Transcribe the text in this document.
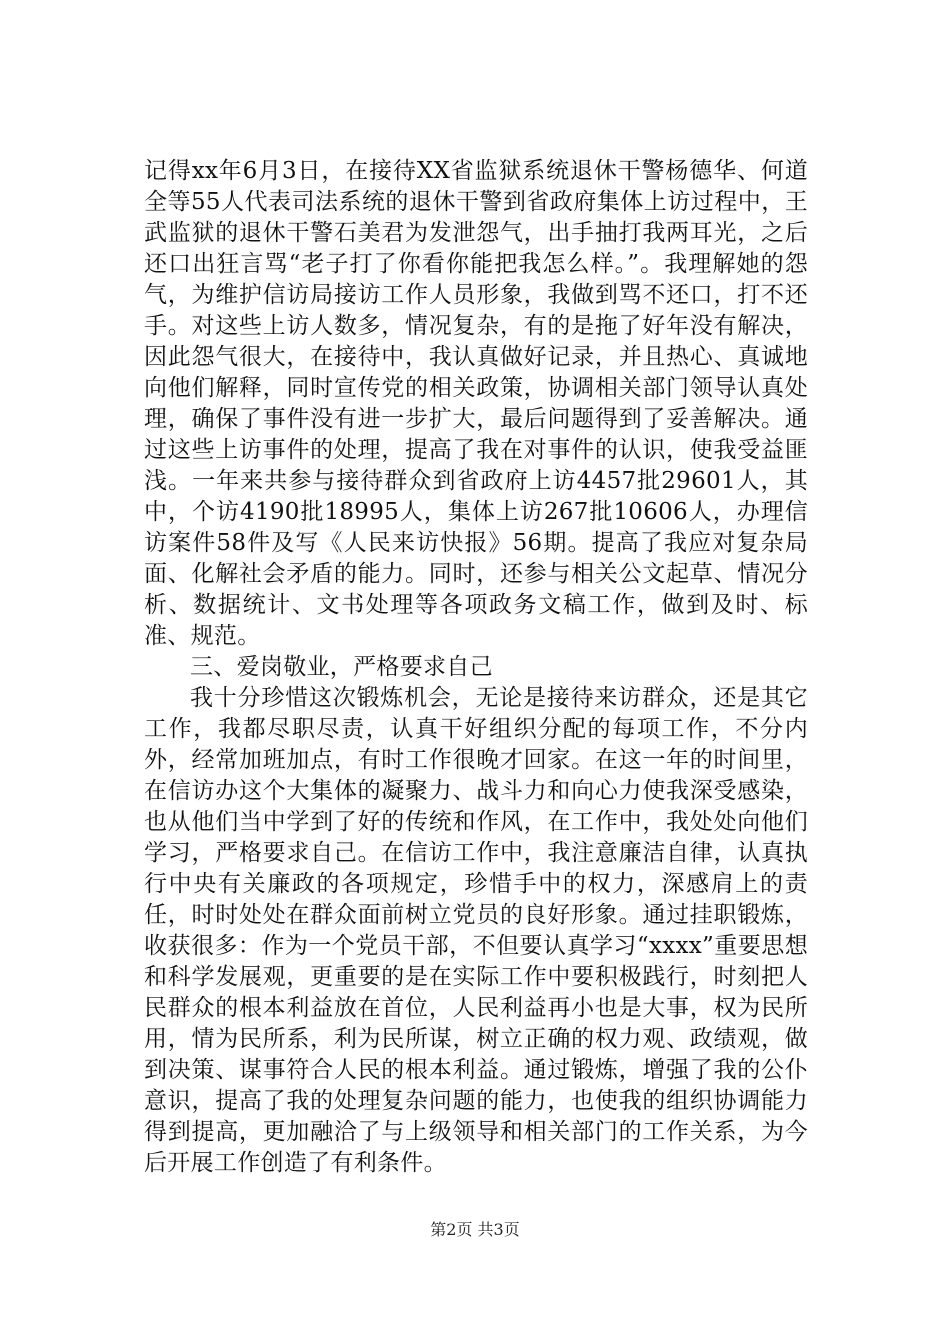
记得xx年6月3日，在接待XX省监狱系统退休干警杨德华、何道全等55人代表司法系统的退休干警到省政府集体上访过程中，王武监狱的退休干警石美君为发泄怨气，出手抽打我两耳光，之后还口出狂言骂“老子打了你看你能把我怎么样。”。我理解她的怨气，为维护信访局接访工作人员形象，我做到骂不还口，打不还手。对这些上访人数多，情况复杂，有的是拖了好年没有解决，因此怨气很大，在接待中，我认真做好记录，并且热心、真诚地向他们解释，同时宣传党的相关政策，协调相关部门领导认真处理，确保了事件没有进一步扩大，最后问题得到了妥善解决。通过这些上访事件的处理，提高了我在对事件的认识，使我受益匪浅。一年来共参与接待群众到省政府上访4457批29601人，其中，个访4190批18995人，集体上访267批10606人，办理信访案件58件及写《人民来访快报》56期。提高了我应对复杂局面、化解社会矛盾的能力。同时，还参与相关公文起草、情况分析、数据统计、文书处理等各项政务文稿工作，做到及时、标准、规范。

三、爱岗敬业，严格要求自己

我十分珍惜这次锻炼机会，无论是接待来访群众，还是其它工作，我都尽职尽责，认真干好组织分配的每项工作，不分内外，经常加班加点，有时工作很晚才回家。在这一年的时间里，在信访办这个大集体的凝聚力、战斗力和向心力使我深受感染，也从他们当中学到了好的传统和作风，在工作中，我处处向他们学习，严格要求自己。在信访工作中，我注意廉洁自律，认真执行中央有关廉政的各项规定，珍惜手中的权力，深感肩上的责任，时时处处在群众面前树立党员的良好形象。通过挂职锻炼，收获很多：作为一个党员干部，不但要认真学习“xxxx”重要思想和科学发展观，更重要的是在实际工作中要积极践行，时刻把人民群众的根本利益放在首位，人民利益再小也是大事，权为民所用，情为民所系，利为民所谋，树立正确的权力观、政绩观，做到决策、谋事符合人民的根本利益。通过锻炼，增强了我的公仆意识，提高了我的处理复杂问题的能力，也使我的组织协调能力得到提高，更加融洽了与上级领导和相关部门的工作关系，为今后开展工作创造了有利条件。

第2页 共3页
